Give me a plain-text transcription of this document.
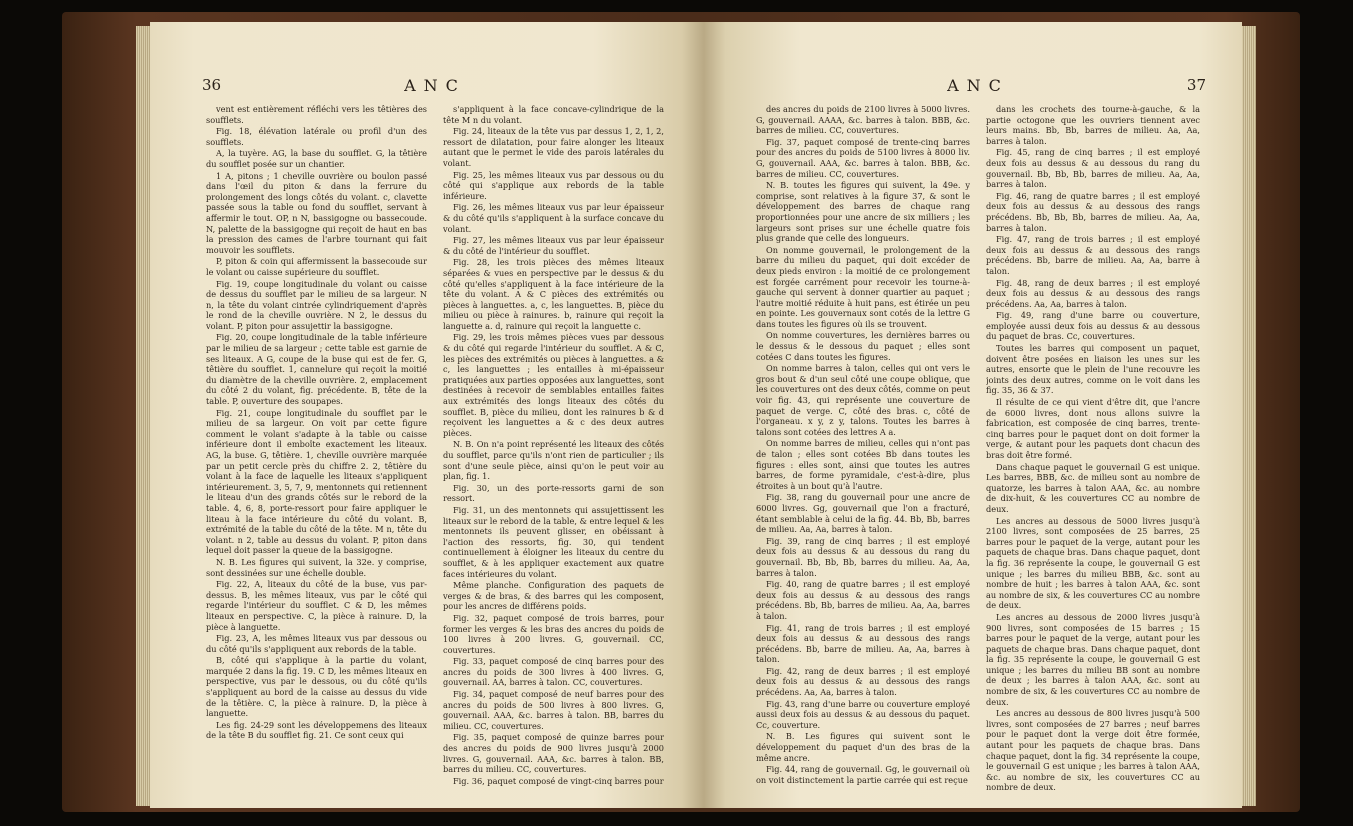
36	ANC

vent est entièrement réfléchi vers les têtières des soufflets.

Fig. 18, élévation latérale ou profil d'un des soufflets.

A, la tuyère. AG, la base du soufflet. G, la têtière du soufflet posée sur un chantier.

1 A, pitons ; 1 cheville ouvrière ou boulon passé dans l'œil du piton & dans la ferrure du prolongement des longs côtés du volant. c, clavette passée sous la table ou fond du soufflet, servant à affermir le tout. OP, n N, bassigogne ou bassecoude. N, palette de la bassigogne qui reçoit de haut en bas la pression des cames de l'arbre tournant qui fait mouvoir les soufflets.

P, piton & coin qui affermissent la bassecoude sur le volant ou caisse supérieure du soufflet.

Fig. 19, coupe longitudinale du volant ou caisse de dessus du soufflet par le milieu de sa largeur. N n, la tête du volant cintrée cylindriquement d'après le rond de la cheville ouvrière. N 2, le dessus du volant. P, piton pour assujettir la bassigogne.

Fig. 20, coupe longitudinale de la table inférieure par le milieu de sa largeur ; cette table est garnie de ses liteaux. A G, coupe de la buse qui est de fer. G, têtière du soufflet. 1, cannelure qui reçoit la moitié du diamètre de la cheville ouvrière. 2, emplacement du côté 2 du volant, fig. précédente. B, tête de la table. P, ouverture des soupapes.

Fig. 21, coupe longitudinale du soufflet par le milieu de sa largeur. On voit par cette figure comment le volant s'adapte à la table ou caisse inférieure dont il emboîte exactement les liteaux. AG, la buse. G, têtière. 1, cheville ouvrière marquée par un petit cercle près du chiffre 2. 2, têtière du volant à la face de laquelle les liteaux s'appliquent intérieurement. 3, 5, 7, 9, mentonnets qui retiennent le liteau d'un des grands côtés sur le rebord de la table. 4, 6, 8, porte-ressort pour faire appliquer le liteau à la face intérieure du côté du volant. B, extrémité de la table du côté de la tête. M n, tête du volant. n 2, table au dessus du volant. P, piton dans lequel doit passer la queue de la bassigogne.

N. B. Les figures qui suivent, la 32e. y comprise, sont dessinées sur une échelle double.

Fig. 22, A, liteaux du côté de la buse, vus par-dessus. B, les mêmes liteaux, vus par le côté qui regarde l'intérieur du soufflet. C & D, les mêmes liteaux en perspective. C, la pièce à rainure. D, la pièce à languette.

Fig. 23, A, les mêmes liteaux vus par dessous ou du côté qu'ils s'appliquent aux rebords de la table.

B, côté qui s'applique à la partie du volant, marquée 2 dans la fig. 19. C D, les mêmes liteaux en perspective, vus par le dessous, ou du côté qu'ils s'appliquent au bord de la caisse au dessus du vide de la têtière. C, la pièce à rainure. D, la pièce à languette.

Les fig. 24-29 sont les développemens des liteaux de la tête B du soufflet fig. 21. Ce sont ceux qui

s'appliquent à la face concave-cylindrique de la tête M n du volant.

Fig. 24, liteaux de la tête vus par dessus 1, 2, 1, 2, ressort de dilatation, pour faire alonger les liteaux autant que le permet le vide des parois latérales du volant.

Fig. 25, les mêmes liteaux vus par dessous ou du côté qui s'applique aux rebords de la table inférieure.

Fig. 26, les mêmes liteaux vus par leur épaisseur & du côté qu'ils s'appliquent à la surface concave du volant.

Fig. 27, les mêmes liteaux vus par leur épaisseur & du côté de l'intérieur du soufflet.

Fig. 28, les trois pièces des mêmes liteaux séparées & vues en perspective par le dessus & du côté qu'elles s'appliquent à la face intérieure de la tête du volant. A & C pièces des extrémités ou pièces à languettes. a, c, les languettes. B, pièce du milieu ou pièce à rainures. b, rainure qui reçoit la languette a. d, rainure qui reçoit la languette c.

Fig. 29, les trois mêmes pièces vues par dessous & du côté qui regarde l'intérieur du soufflet. A & C, les pièces des extrémités ou pièces à languettes. a & c, les languettes ; les entailles à mi-épaisseur pratiquées aux parties opposées aux languettes, sont destinées à recevoir de semblables entailles faites aux extrémités des longs liteaux des côtés du soufflet. B, pièce du milieu, dont les rainures b & d reçoivent les languettes a & c des deux autres pièces.

N. B. On n'a point représenté les liteaux des côtés du soufflet, parce qu'ils n'ont rien de particulier ; ils sont d'une seule pièce, ainsi qu'on le peut voir au plan, fig. 1.

Fig. 30, un des porte-ressorts garni de son ressort.

Fig. 31, un des mentonnets qui assujettissent les liteaux sur le rebord de la table, & entre lequel & les mentonnets ils peuvent glisser, en obéissant à l'action des ressorts, fig. 30, qui tendent continuellement à éloigner les liteaux du centre du soufflet, & à les appliquer exactement aux quatre faces intérieures du volant.

Même planche. Configuration des paquets de verges & de bras, & des barres qui les composent, pour les ancres de différens poids.

Fig. 32, paquet composé de trois barres, pour former les verges & les bras des ancres du poids de 100 livres à 200 livres. G, gouvernail. CC, couvertures.

Fig. 33, paquet composé de cinq barres pour des ancres du poids de 300 livres à 400 livres. G, gouvernail. AA, barres à talon. CC, couvertures.

Fig. 34, paquet composé de neuf barres pour des ancres du poids de 500 livres à 800 livres. G, gouvernail. AAA, &c. barres à talon. BB, barres du milieu. CC, couvertures.

Fig. 35, paquet composé de quinze barres pour des ancres du poids de 900 livres jusqu'à 2000 livres. G, gouvernail. AAA, &c. barres à talon. BB, barres du milieu. CC, couvertures.

Fig. 36, paquet composé de vingt-cinq barres pour

ANC	37

des ancres du poids de 2100 livres à 5000 livres. G, gouvernail. AAAA, &c. barres à talon. BBB, &c. barres de milieu. CC, couvertures.

Fig. 37, paquet composé de trente-cinq barres pour des ancres du poids de 5100 livres à 8000 liv. G, gouvernail. AAA, &c. barres à talon. BBB, &c. barres de milieu. CC, couvertures.

N. B. toutes les figures qui suivent, la 49e. y comprise, sont relatives à la figure 37, & sont le développement des barres de chaque rang proportionnées pour une ancre de six milliers ; les largeurs sont prises sur une échelle quatre fois plus grande que celle des longueurs.

On nomme gouvernail, le prolongement de la barre du milieu du paquet, qui doit excéder de deux pieds environ : la moitié de ce prolongement est forgée carrément pour recevoir les tourne-à-gauche qui servent à donner quartier au paquet ; l'autre moitié réduite à huit pans, est étirée un peu en pointe. Les gouvernaux sont cotés de la lettre G dans toutes les figures où ils se trouvent.

On nomme couvertures, les dernières barres ou le dessus & le dessous du paquet ; elles sont cotées C dans toutes les figures.

On nomme barres à talon, celles qui ont vers le gros bout & d'un seul côté une coupe oblique, que les couvertures ont des deux côtés, comme on peut voir fig. 43, qui représente une couverture de paquet de verge. C, côté des bras. c, côté de l'organeau. x y, z y, talons. Toutes les barres à talons sont cotées des lettres A a.

On nomme barres de milieu, celles qui n'ont pas de talon ; elles sont cotées Bb dans toutes les figures : elles sont, ainsi que toutes les autres barres, de forme pyramidale, c'est-à-dire, plus étroites à un bout qu'à l'autre.

Fig. 38, rang du gouvernail pour une ancre de 6000 livres. Gg, gouvernail que l'on a fracturé, étant semblable à celui de la fig. 44. Bb, Bb, barres de milieu. Aa, Aa, barres à talon.

Fig. 39, rang de cinq barres ; il est employé deux fois au dessus & au dessous du rang du gouvernail. Bb, Bb, Bb, barres du milieu. Aa, Aa, barres à talon.

Fig. 40, rang de quatre barres ; il est employé deux fois au dessus & au dessous des rangs précédens. Bb, Bb, barres de milieu. Aa, Aa, barres à talon.

Fig. 41, rang de trois barres ; il est employé deux fois au dessus & au dessous des rangs précédens. Bb, barre de milieu. Aa, Aa, barres à talon.

Fig. 42, rang de deux barres ; il est employé deux fois au dessus & au dessous des rangs précédens. Aa, Aa, barres à talon.

Fig. 43, rang d'une barre ou couverture employé aussi deux fois au dessus & au dessous du paquet. Cc, couverture.

N. B. Les figures qui suivent sont le développement du paquet d'un des bras de la même ancre.

Fig. 44, rang de gouvernail. Gg, le gouvernail où on voit distinctement la partie carrée qui est reçue

dans les crochets des tourne-à-gauche, & la partie octogone que les ouvriers tiennent avec leurs mains. Bb, Bb, barres de milieu. Aa, Aa, barres à talon.

Fig. 45, rang de cinq barres ; il est employé deux fois au dessus & au dessous du rang du gouvernail. Bb, Bb, Bb, barres de milieu. Aa, Aa, barres à talon.

Fig. 46, rang de quatre barres ; il est employé deux fois au dessus & au dessous des rangs précédens. Bb, Bb, Bb, barres de milieu. Aa, Aa, barres à talon.

Fig. 47, rang de trois barres ; il est employé deux fois au dessus & au dessous des rangs précédens. Bb, barre de milieu. Aa, Aa, barre à talon.

Fig. 48, rang de deux barres ; il est employé deux fois au dessus & au dessous des rangs précédens. Aa, Aa, barres à talon.

Fig. 49, rang d'une barre ou couverture, employée aussi deux fois au dessus & au dessous du paquet de bras. Cc, couvertures.

Toutes les barres qui composent un paquet, doivent être posées en liaison les unes sur les autres, ensorte que le plein de l'une recouvre les joints des deux autres, comme on le voit dans les fig. 35, 36 & 37.

Il résulte de ce qui vient d'être dit, que l'ancre de 6000 livres, dont nous allons suivre la fabrication, est composée de cinq barres, trente-cinq barres pour le paquet dont on doit former la verge, & autant pour les paquets dont chacun des bras doit être formé.

Dans chaque paquet le gouvernail G est unique. Les barres, BBB, &c. de milieu sont au nombre de quatorze, les barres à talon AAA, &c. au nombre de dix-huit, & les couvertures CC au nombre de deux.

Les ancres au dessous de 5000 livres jusqu'à 2100 livres, sont composées de 25 barres, 25 barres pour le paquet de la verge, autant pour les paquets de chaque bras. Dans chaque paquet, dont la fig. 36 représente la coupe, le gouvernail G est unique ; les barres du milieu BBB, &c. sont au nombre de huit ; les barres à talon AAA, &c. sont au nombre de six, & les couvertures CC au nombre de deux.

Les ancres au dessous de 2000 livres jusqu'à 900 livres, sont composées de 15 barres ; 15 barres pour le paquet de la verge, autant pour les paquets de chaque bras. Dans chaque paquet, dont la fig. 35 représente la coupe, le gouvernail G est unique ; les barres du milieu BB sont au nombre de deux ; les barres à talon AAA, &c. sont au nombre de six, & les couvertures CC au nombre de deux.

Les ancres au dessous de 800 livres jusqu'à 500 livres, sont composées de 27 barres ; neuf barres pour le paquet dont la verge doit être formée, autant pour les paquets de chaque bras. Dans chaque paquet, dont la fig. 34 représente la coupe, le gouvernail G est unique ; les barres à talon AAA, &c. au nombre de six, les couvertures CC au nombre de deux.
